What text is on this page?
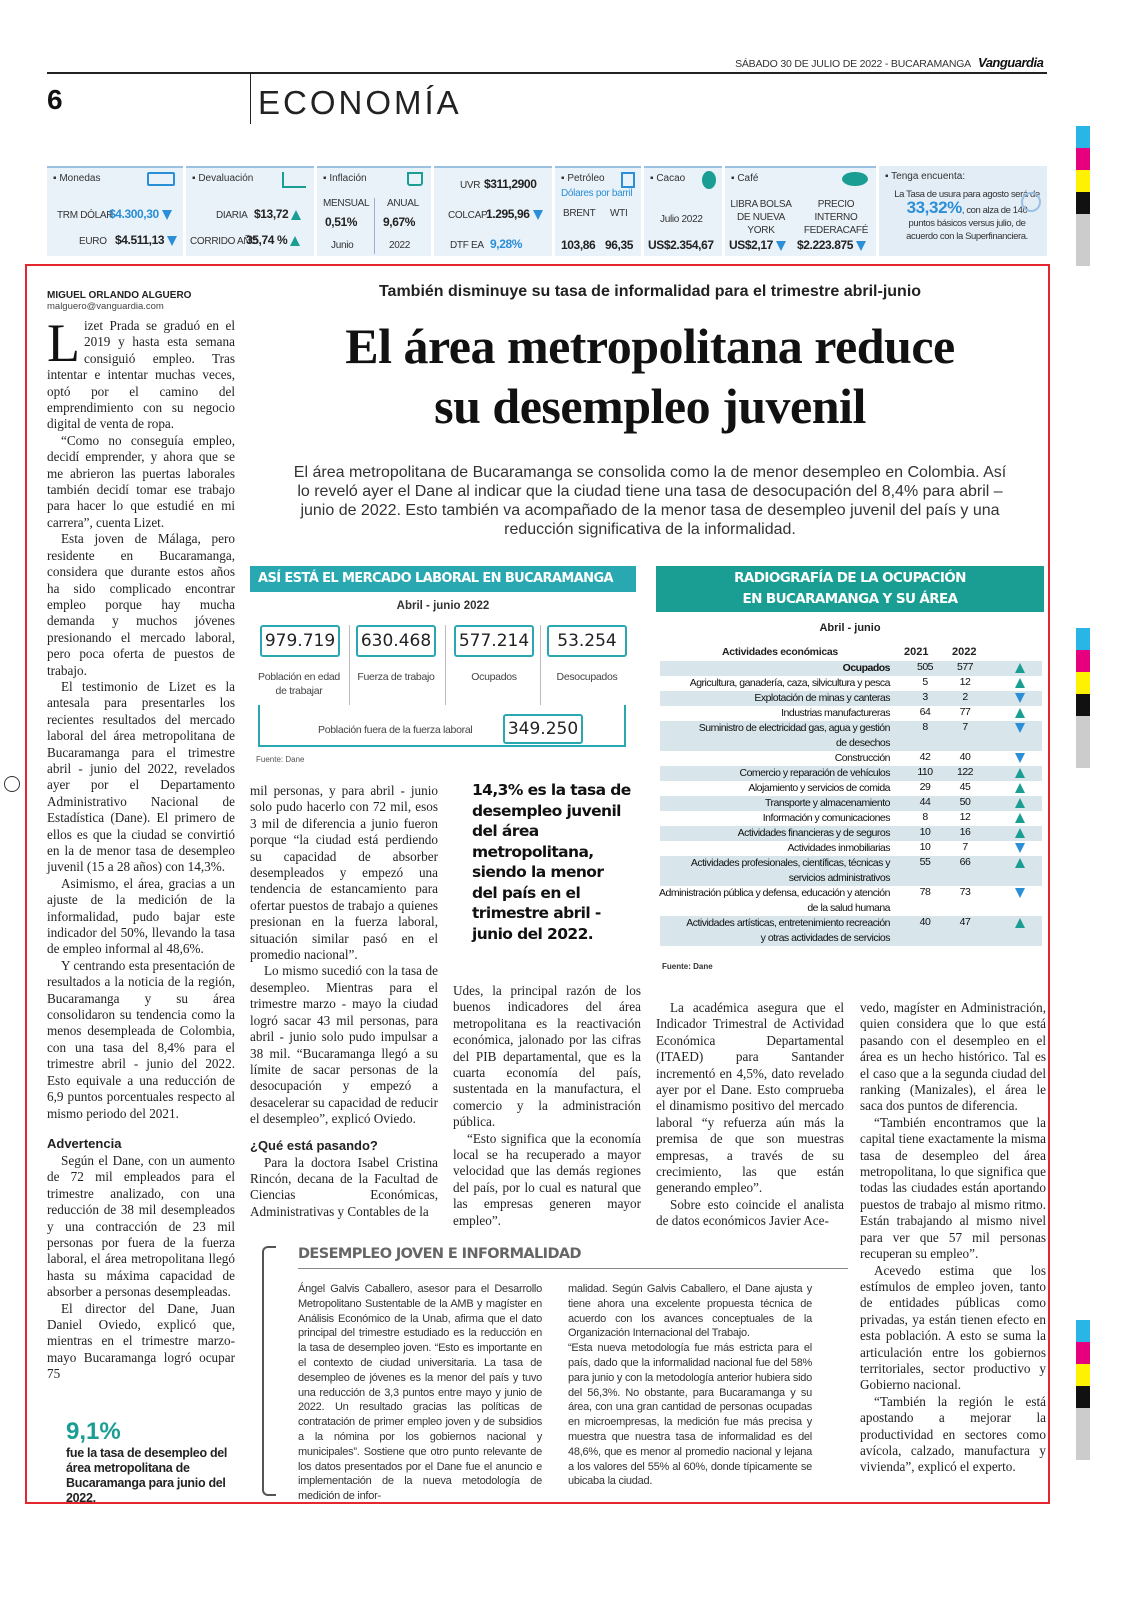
SÁBADO 30 DE JULIO DE 2022 - BUCARAMANGA Vanguardia
6	ECONOMÍA
▪ Monedas
TRM DÓLAR
$4.300,30
EURO $4.511,13
▪ Devaluación
DIARIA $13,72
CORRIDO AÑO
35,74 %
▪ Inflación
MENSUAL
0,51%
Junio
ANUAL
9,67%
2022
UVR $311,2900
COLCAP
1.295,96
DTF EA 9,28%
▪ Petróleo
Dólares por barril
BRENT WTI
103,86 96,35
▪ Cacao
Julio 2022
US$2.354,67
▪ Café
LIBRA BOLSA DE NUEVA YORK
PRECIO INTERNO FEDERACAFÉ
US$2,17	$2.223.875
▪ Tenga encuenta:
La Tasa de usura para agosto será de 33,32%, con alza de 140 puntos básicos versus julio, de acuerdo con la Superfinanciera.
MIGUEL ORLANDO ALGUERO
malguero@vanguardia.com
También disminuye su tasa de informalidad para el trimestre abril-junio
El área metropolitana reduce
su desempleo juvenil
El área metropolitana de Bucaramanga se consolida como la de menor desempleo en Colombia. Así lo reveló ayer el Dane al indicar que la ciudad tiene una tasa de desocupación del 8,4% para abril – junio de 2022. Esto también va acompañado de la menor tasa de desempleo juvenil del país y una reducción significativa de la informalidad.
L izet Prada se graduó en el 2019 y hasta esta semana consiguió empleo. Tras intentar e intentar muchas veces, optó por el camino del emprendimiento con su negocio digital de venta de ropa.

“Como no conseguía empleo, decidí emprender, y ahora que se me abrieron las puertas laborales también decidí tomar ese trabajo para hacer lo que estudié en mi carrera”, cuenta Lizet.

Esta joven de Málaga, pero residente en Bucaramanga, considera que durante estos años ha sido complicado encontrar empleo porque hay mucha demanda y muchos jóvenes presionando el mercado laboral, pero poca oferta de puestos de trabajo.

El testimonio de Lizet es la antesala para presentarles los recientes resultados del mercado laboral del área metropolitana de Bucaramanga para el trimestre abril - junio del 2022, revelados ayer por el Departamento Administrativo Nacional de Estadística (Dane). El primero de ellos es que la ciudad se convirtió en la de menor tasa de desempleo juvenil (15 a 28 años) con 14,3%.

Asimismo, el área, gracias a un ajuste de la medición de la informalidad, pudo bajar este indicador del 50%, llevando la tasa de empleo informal al 48,6%.

Y centrando esta presentación de resultados a la noticia de la región, Bucaramanga y su área consolidaron su tendencia como la menos desempleada de Colombia, con una tasa del 8,4% para el trimestre abril - junio del 2022. Esto equivale a una reducción de 6,9 puntos porcentuales respecto al mismo periodo del 2021.

Advertencia

Según el Dane, con un aumento de 72 mil empleados para el trimestre analizado, con una reducción de 38 mil desempleados y una contracción de 23 mil personas por fuera de la fuerza laboral, el área metropolitana llegó hasta su máxima capacidad de absorber a personas desempleadas.

El director del Dane, Juan Daniel Oviedo, explicó que, mientras en el trimestre marzo-mayo Bucaramanga logró ocupar 75

9,1%
fue la tasa de desempleo del área metropolitana de Bucaramanga para junio del 2022.
ASÍ ESTÁ EL MERCADO LABORAL EN BUCARAMANGA A.M.	Abril - junio 2022
979.719 630.468 577.214	53.254
Población en edad de trabajar
Fuerza de trabajo	Ocupados	Desocupados
Población fuera de la fuerza laboral 349.250
Fuente: Dane

mil personas, y para abril - junio solo pudo hacerlo con 72 mil, esos 3 mil de diferencia a junio fueron porque “la ciudad está perdiendo su capacidad de absorber desempleados y empezó una tendencia de estancamiento para ofertar puestos de trabajo a quienes presionan en la fuerza laboral, situación similar pasó en el promedio nacional”.

Lo mismo sucedió con la tasa de desempleo. Mientras para el trimestre marzo - mayo la ciudad logró sacar 43 mil personas, para abril - junio solo pudo impulsar a 38 mil. “Bucaramanga llegó a su límite de sacar personas de la desocupación y empezó a desacelerar su capacidad de reducir el desempleo”, explicó Oviedo.

¿Qué está pasando?

Para la doctora Isabel Cristina Rincón, decana de la Facultad de Ciencias Económicas, Administrativas y Contables de la

14,3% es la tasa de desempleo juvenil del área metropolitana, siendo la menor del país en el trimestre abril - junio del 2022.

Udes, la principal razón de los buenos indicadores del área metropolitana es la reactivación económica, jalonado por las cifras del PIB departamental, que es la cuarta economía del país, sustentada en la manufactura, el comercio y la administración pública.

“Esto significa que la economía local se ha recuperado a mayor velocidad que las demás regiones del país, por lo cual es natural que las empresas generen mayor empleo”.

La académica asegura que el Indicador Trimestral de Actividad Económica Departamental (ITAED) para Santander incrementó en 4,5%, dato revelado ayer por el Dane. Esto comprueba el dinamismo positivo del mercado laboral “y refuerza aún más la premisa de que son muestras empresas, a través de su crecimiento, las que están generando empleo”.

Sobre esto coincide el analista de datos económicos Javier Ace-

vedo, magíster en Administración, quien considera que lo que está pasando con el desempleo en el área es un hecho histórico. Tal es el caso que a la segunda ciudad del ranking (Manizales), el área le saca dos puntos de diferencia.

“También encontramos que la capital tiene exactamente la misma tasa de desempleo del área metropolitana, lo que significa que todas las ciudades están aportando puestos de trabajo al mismo ritmo. Están trabajando al mismo nivel para ver que 57 mil personas recuperan su empleo”.

Acevedo estima que los estímulos de empleo joven, tanto de entidades públicas como privadas, ya están tienen efecto en esta población. A esto se suma la articulación entre los gobiernos territoriales, sector productivo y Gobierno nacional.

“También la región le está apostando a mejorar la productividad en sectores como avícola, calzado, manufactura y vivienda”, explicó el experto.

RADIOGRAFÍA DE LA OCUPACIÓN
EN BUCARAMANGA Y SU ÁREA
Abril - junio
Actividades económicas	2021 2022
Ocupados	505	577
Agricultura, ganadería, caza, silvicultura y pesca	5	12
Explotación de minas y canteras	3	2
Industrias manufactureras	64	77
Suministro de electricidad gas, agua y gestión
de desechos
8	7
Construcción	42	40
Comercio y reparación de vehículos	110	122
Alojamiento y servicios de comida	29	45
Transporte y almacenamiento	44	50
Información y comunicaciones	8	12
Actividades financieras y de seguros	10	16
Actividades inmobiliarias	10	7
Actividades profesionales, científicas, técnicas y
servicios administrativos
55	66
Administración pública y defensa, educación y atención
de la salud humana
78	73
Actividades artísticas, entretenimiento recreación
y otras actividades de servicios
40	47
Fuente: Dane
DESEMPLEO JOVEN E INFORMALIDAD
Ángel Galvis Caballero, asesor para el Desarrollo Metropolitano Sustentable de la AMB y magíster en Análisis Económico de la Unab, afirma que el dato principal del trimestre estudiado es la reducción en la tasa de desempleo joven. “Esto es importante en el contexto de ciudad universitaria. La tasa de desempleo de jóvenes es la menor del país y tuvo una reducción de 3,3 puntos entre mayo y junio de 2022. Un resultado gracias las políticas de contratación de primer empleo joven y de subsidios a la nómina por los gobiernos nacional y municipales”. Sostiene que otro punto relevante de los datos presentados por el Dane fue el anuncio e implementación de la nueva metodología de medición de infor-
malidad. Según Galvis Caballero, el Dane ajusta y tiene ahora una excelente propuesta técnica de acuerdo con los avances conceptuales de la Organización Internacional del Trabajo.
“Esta nueva metodología fue más estricta para el país, dado que la informalidad nacional fue del 58% para junio y con la metodología anterior hubiera sido del 56,3%. No obstante, para Bucaramanga y su área, con una gran cantidad de personas ocupadas en microempresas, la medición fue más precisa y muestra que nuestra tasa de informalidad es del 48,6%, que es menor al promedio nacional y lejana a los valores del 55% al 60%, donde típicamente se ubicaba la ciudad.
